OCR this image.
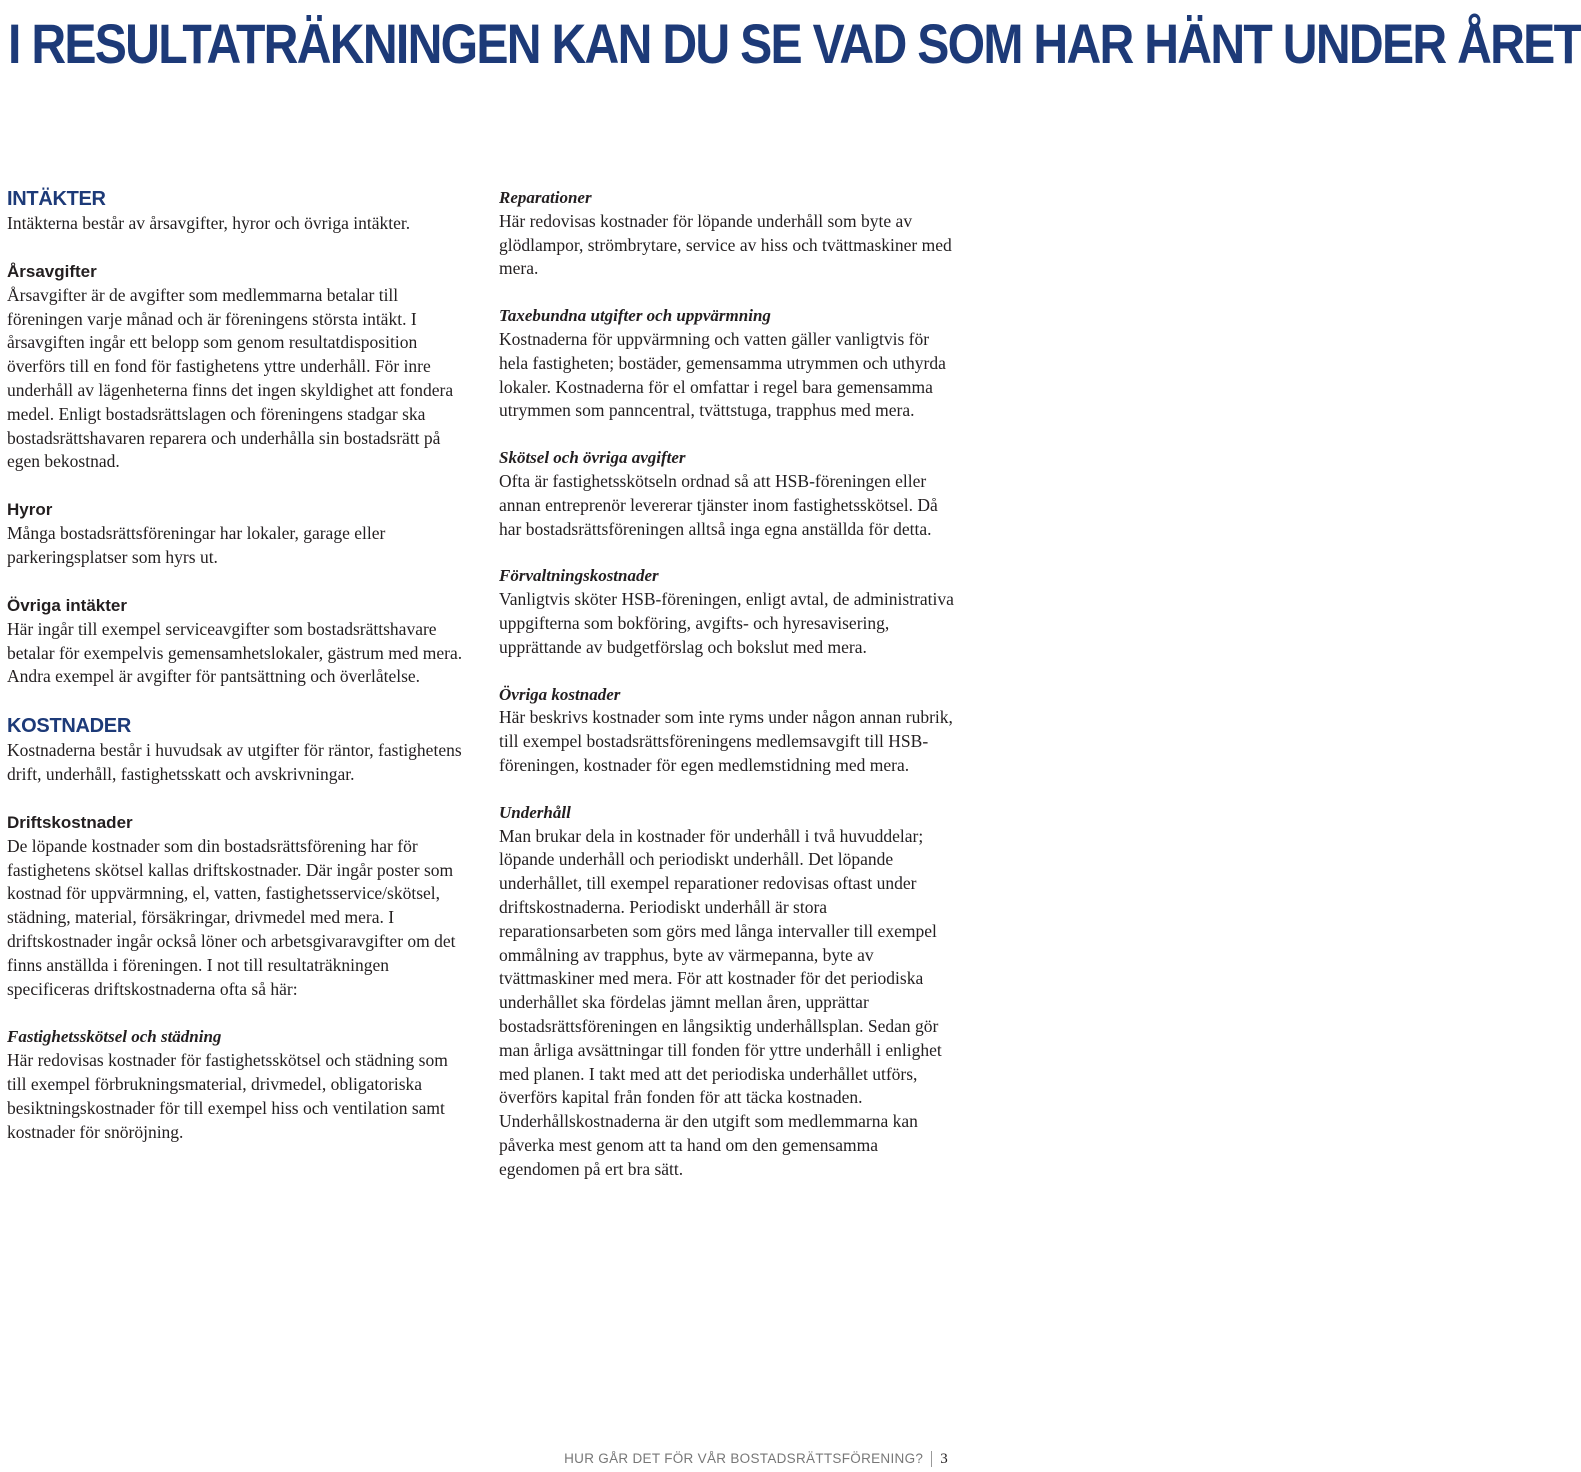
I RESULTATRÄKNINGEN KAN DU SE VAD SOM HAR HÄNT UNDER ÅRET
INTÄKTER

Intäkterna består av årsavgifter, hyror och övriga intäkter.

Årsavgifter

Årsavgifter är de avgifter som medlemmarna betalar till föreningen varje månad och är föreningens största intäkt. I årsavgiften ingår ett belopp som genom resultatdisposition överförs till en fond för fastighetens yttre underhåll. För inre underhåll av lägenheterna finns det ingen skyldighet att fondera medel. Enligt bostadsrättslagen och föreningens stadgar ska bostadsrättshavaren reparera och underhålla sin bostadsrätt på egen bekostnad.

Hyror

Många bostadsrättsföreningar har lokaler, garage eller parkeringsplatser som hyrs ut.

Övriga intäkter

Här ingår till exempel serviceavgifter som bostadsrättshavare betalar för exempelvis gemensamhetslokaler, gästrum med mera. Andra exempel är avgifter för pantsättning och överlåtelse.

KOSTNADER

Kostnaderna består i huvudsak av utgifter för räntor, fastighetens drift, underhåll, fastighetsskatt och avskrivningar.

Driftskostnader

De löpande kostnader som din bostadsrättsförening har för fastighetens skötsel kallas driftskostnader. Där ingår poster som kostnad för uppvärmning, el, vatten, fastighetsservice/skötsel, städning, material, försäkringar, drivmedel med mera. I driftskostnader ingår också löner och arbetsgivaravgifter om det finns anställda i föreningen. I not till resultaträkningen specificeras driftskostnaderna ofta så här:

Fastighetsskötsel och städning

Här redovisas kostnader för fastighetsskötsel och städning som till exempel förbrukningsmaterial, drivmedel, obligatoriska besiktningskostnader för till exempel hiss och ventilation samt kostnader för snöröjning.

Reparationer

Här redovisas kostnader för löpande underhåll som byte av glödlampor, strömbrytare, service av hiss och tvättmaskiner med mera.

Taxebundna utgifter och uppvärmning

Kostnaderna för uppvärmning och vatten gäller vanligtvis för hela fastigheten; bostäder, gemensamma utrymmen och uthyrda lokaler. Kostnaderna för el omfattar i regel bara gemensamma utrymmen som panncentral, tvättstuga, trapphus med mera.

Skötsel och övriga avgifter

Ofta är fastighetsskötseln ordnad så att HSB-föreningen eller annan entreprenör levererar tjänster inom fastighetsskötsel. Då har bostadsrättsföreningen alltså inga egna anställda för detta.

Förvaltningskostnader

Vanligtvis sköter HSB-föreningen, enligt avtal, de administrativa uppgifterna som bokföring, avgifts- och hyresavisering, upprättande av budgetförslag och bokslut med mera.

Övriga kostnader

Här beskrivs kostnader som inte ryms under någon annan rubrik, till exempel bostadsrättsföreningens medlemsavgift till HSB-föreningen, kostnader för egen medlemstidning med mera.

Underhåll

Man brukar dela in kostnader för underhåll i två huvuddelar; löpande underhåll och periodiskt underhåll. Det löpande underhållet, till exempel reparationer redovisas oftast under driftskostnaderna. Periodiskt underhåll är stora reparationsarbeten som görs med långa intervaller till exempel ommålning av trapphus, byte av värmepanna, byte av tvättmaskiner med mera. För att kostnader för det periodiska underhållet ska fördelas jämnt mellan åren, upprättar bostadsrättsföreningen en långsiktig underhållsplan. Sedan gör man årliga avsättningar till fonden för yttre underhåll i enlighet med planen. I takt med att det periodiska underhållet utförs, överförs kapital från fonden för att täcka kostnaden. Underhållskostnaderna är den utgift som medlemmarna kan påverka mest genom att ta hand om den gemensamma egendomen på ert bra sätt.

HUR GÅR DET FÖR VÅR BOSTADSRÄTTSFÖRENING? 3
